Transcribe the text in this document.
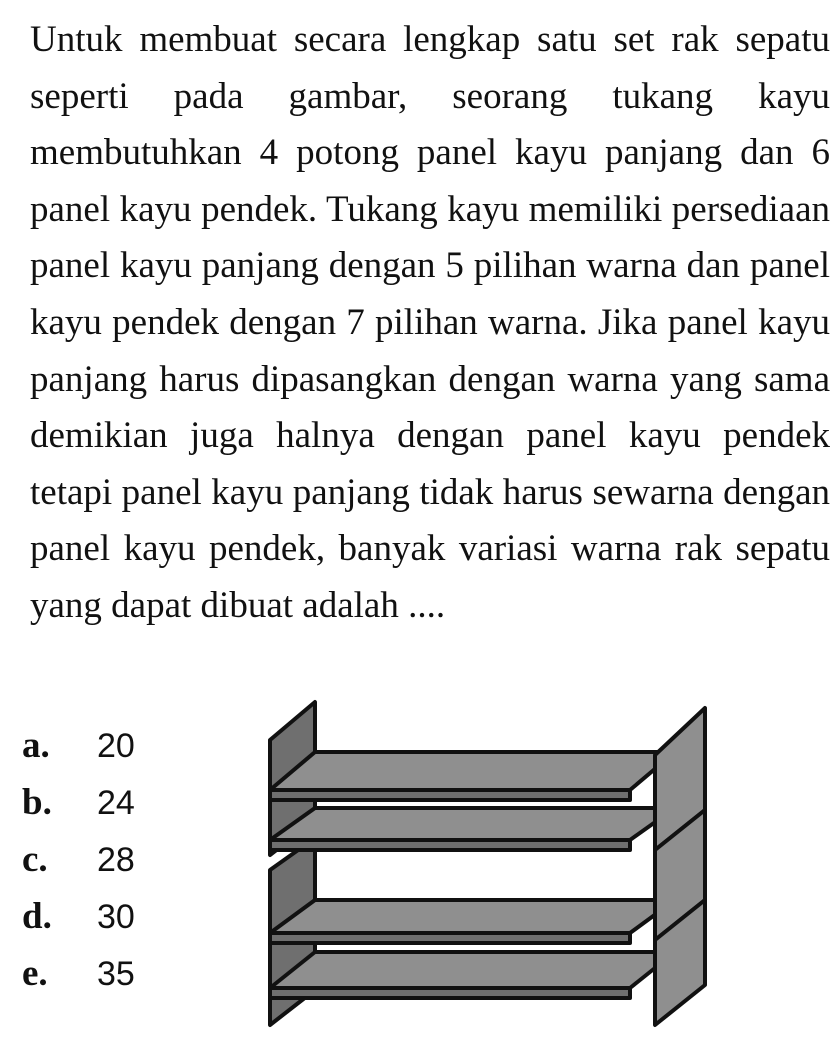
Untuk membuat secara lengkap satu set rak sepatu seperti pada gambar, seorang tukang kayu membutuhkan 4 potong panel kayu panjang dan 6 panel kayu pendek. Tukang kayu memiliki persediaan panel kayu panjang dengan 5 pilihan warna dan panel kayu pendek dengan 7 pilihan warna. Jika panel kayu panjang harus dipasangkan dengan warna yang sama demikian juga halnya dengan panel kayu pendek tetapi panel kayu panjang tidak harus sewarna dengan panel kayu pendek, banyak variasi warna rak sepatu yang dapat dibuat adalah ....

a.	20
b.	24
c.	28
d.	30
e.	35
